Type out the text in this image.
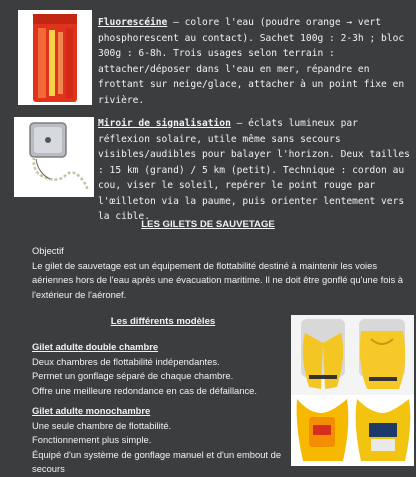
Fluorescéine — colore l'eau (poudre orange → vert phosphorescent au contact). Sachet 100g : 2-3h ; bloc 300g : 6-8h. Trois usages selon terrain : attacher/déposer dans l'eau en mer, répandre en frottant sur neige/glace, attacher à un point fixe en rivière.
Miroir de signalisation — éclats lumineux par réflexion solaire, utile même sans secours visibles/audibles pour balayer l'horizon. Deux tailles : 15 km (grand) / 5 km (petit). Technique : cordon au cou, viser le soleil, repérer le point rouge par l'œilleton via la paume, puis orienter lentement vers la cible.
LES GILETS DE SAUVETAGE
Objectif
Le gilet de sauvetage est un équipement de flottabilité destiné à maintenir les voies aériennes hors de l'eau après une évacuation maritime. Il ne doit être gonflé qu'une fois à l'extérieur de l'aéronef.
Les différents modèles
Gilet adulte double chambre
Deux chambres de flottabilité indépendantes.
Permet un gonflage séparé de chaque chambre.
Offre une meilleure redondance en cas de défaillance.
Gilet adulte monochambre
Une seule chambre de flottabilité.
Fonctionnement plus simple.
Équipé d'un système de gonflage manuel et d'un embout de secours
